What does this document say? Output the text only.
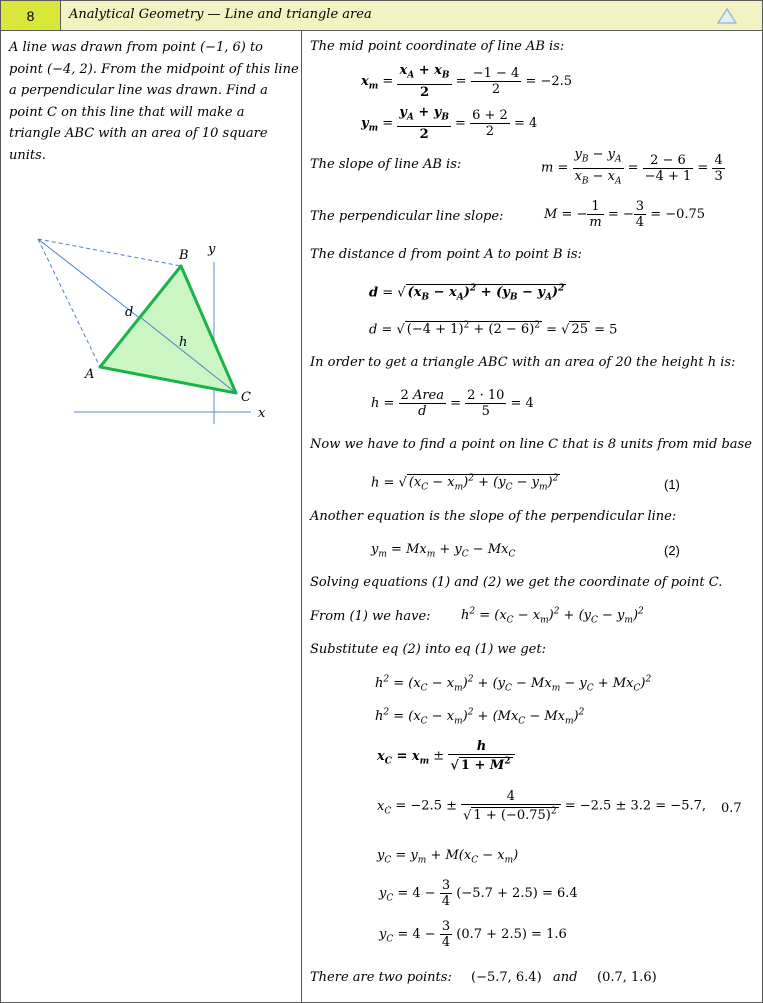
8	Analytical Geometry — Line and triangle area
A line was drawn from point (−1, 6) to point (−4, 2). From the midpoint of this line a perpendicular line was drawn. Find a point C on this line that will make a triangle ABC with an area of 10 square units.
B
A
C
d
h
x
y
The mid point coordinate of line AB is:
$x_m = \frac{x_A + x_B}{2} = \frac{-1 - 4}{2} = -2.5$
$y_m = \frac{y_A + y_B}{2} = \frac{6 + 2}{2} = 4$
The slope of line AB is:	$m = \frac{y_B - y_A}{x_B - x_A} = \frac{2 - 6}{-4 + 1} = \frac{4}{3}$
The perpendicular line slope:	M = − $\frac{1}{m}$ = − $\frac{3}{4} = -0.75$
The distance d from point A to point B is:
d = √ $(x_B - x_A)^2 + (y_B - y_A)^2$
d = √ $(-4 + 1)^2 + (2 - 6)^2$ = √ 25 = 5
In order to get a triangle ABC with an area of 20 the height h is:
$h = \frac{\text{2 Area}}{d} = \frac{2 \cdot 10}{5} = 4$
Now we have to find a point on line C that is 8 units from mid base
h = √ $(x_C - x_m)^2 + (y_C - y_m)^2$	(1)
Another equation is the slope of the perpendicular line:
$y_m = Mx_m + y_C - Mx_C$	(2)
Solving equations (1) and (2) we get the coordinate of point C.
From (1) we have: $h^2 = (x_C - x_m)^2 + (y_C - y_m)^2$
Substitute eq (2) into eq (1) we get:
$h^2 = (x_C - x_m)^2 + (y_C - Mx_m - y_C + Mx_C)^2$
$h^2 = (x_C - x_m)^2 + (Mx_C - Mx_m)^2$
$x_C = x_m \pm \frac{h}{√ 1 + M^2}$
$x_C = -2.5 \pm \frac{4}{√ 1 + (-0.75)^2} = -2.5 \pm 3.2 = -5.7$, 0.7
$y_C = y_m + M(x_C - x_m)$
$y_C = 4 - \frac{3}{4} (-5.7 + 2.5) = 6.4$
$y_C = 4 - \frac{3}{4} (0.7 + 2.5) = 1.6$
There are two points: (−5.7, 6.4) and (0.7, 1.6)
